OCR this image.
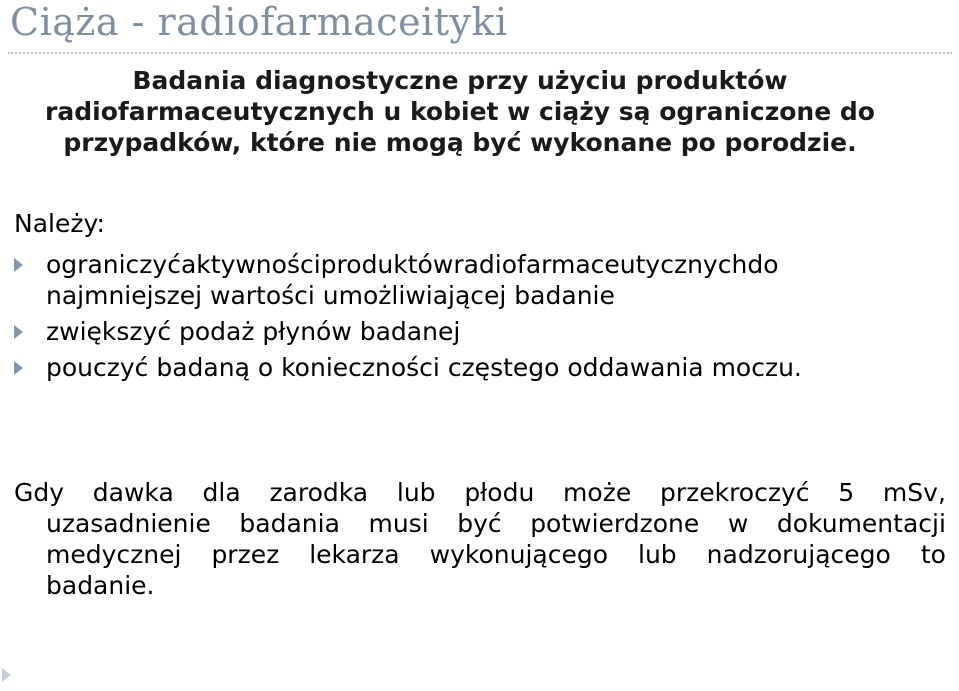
Ciąża - radiofarmaceityki
Badania diagnostyczne przy użyciu produktów
radiofarmaceutycznych u kobiet w ciąży są ograniczone do
przypadków, które nie mogą być wykonane po porodzie.
Należy:
ograniczyćaktywnościproduktówradiofarmaceutycznychdo
najmniejszej wartości umożliwiającej badanie
zwiększyć podaż płynów badanej
pouczyć badaną o konieczności częstego oddawania moczu.
Gdy dawka dla zarodka lub płodu może przekroczyć 5 mSv,
uzasadnienie badania musi być potwierdzone w dokumentacji
medycznej przez lekarza wykonującego lub nadzorującego to
badanie.
